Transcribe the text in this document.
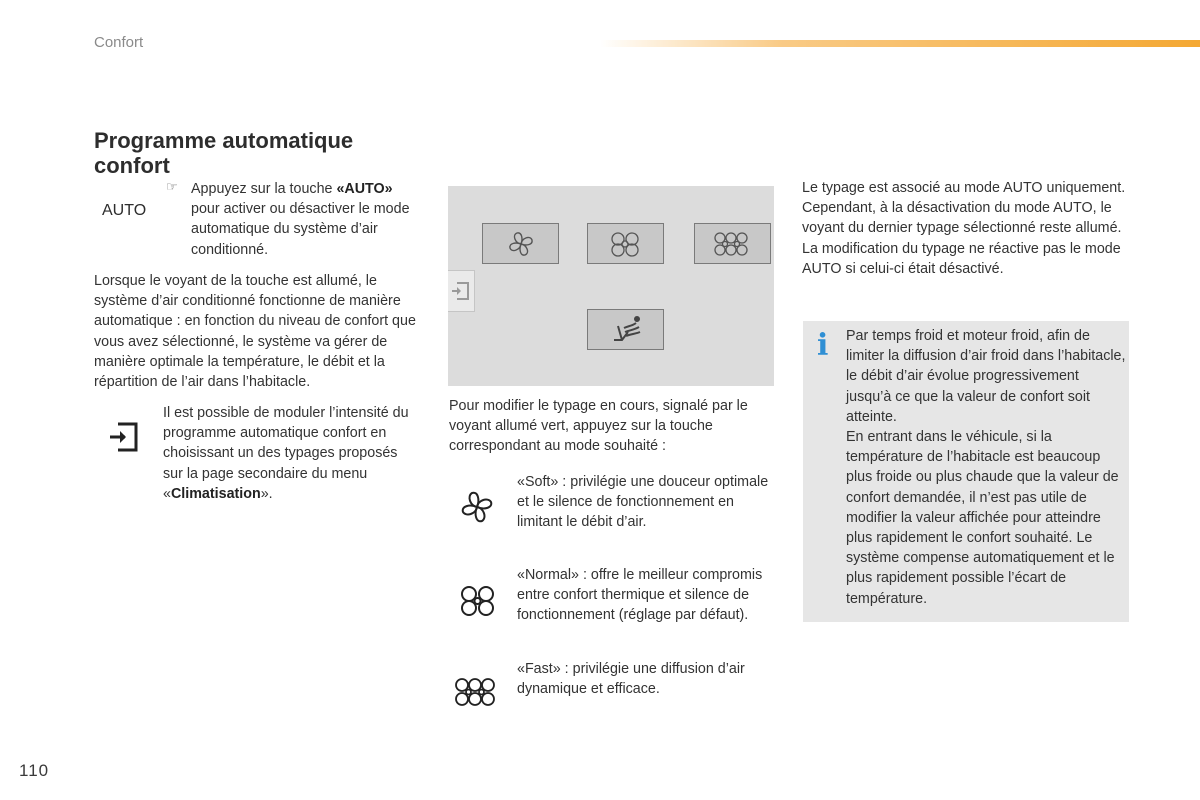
Confort
Programme automatique confort
☞
AUTO
Appuyez sur la touche «AUTO» pour activer ou désactiver le mode automatique du système d’air conditionné.
Lorsque le voyant de la touche est allumé, le système d’air conditionné fonctionne de manière automatique : en fonction du niveau de confort que vous avez sélectionné, le système va gérer de manière optimale la température, le débit et la répartition de l’air dans l’habitacle.
Il est possible de moduler l’intensité du programme automatique confort en choisissant un des typages proposés sur la page secondaire du menu «Climatisation».
Pour modifier le typage en cours, signalé par le voyant allumé vert, appuyez sur la touche correspondant au mode souhaité :
«Soft» : privilégie une douceur optimale et le silence de fonctionnement en limitant le débit d’air.
«Normal» : offre le meilleur compromis entre confort thermique et silence de fonctionnement (réglage par défaut).
«Fast» : privilégie une diffusion d’air dynamique et efficace.
Le typage est associé au mode AUTO uniquement. Cependant, à la désactivation du mode AUTO, le voyant du dernier typage sélectionné reste allumé.
La modification du typage ne réactive pas le mode AUTO si celui-ci était désactivé.
i Par temps froid et moteur froid, afin de limiter la diffusion d’air froid dans l’habitacle, le débit d’air évolue progressivement jusqu’à ce que la valeur de confort soit atteinte.
En entrant dans le véhicule, si la température de l’habitacle est beaucoup plus froide ou plus chaude que la valeur de confort demandée, il n’est pas utile de modifier la valeur affichée pour atteindre plus rapidement le confort souhaité. Le système compense automatiquement et le plus rapidement possible l’écart de température.
110
